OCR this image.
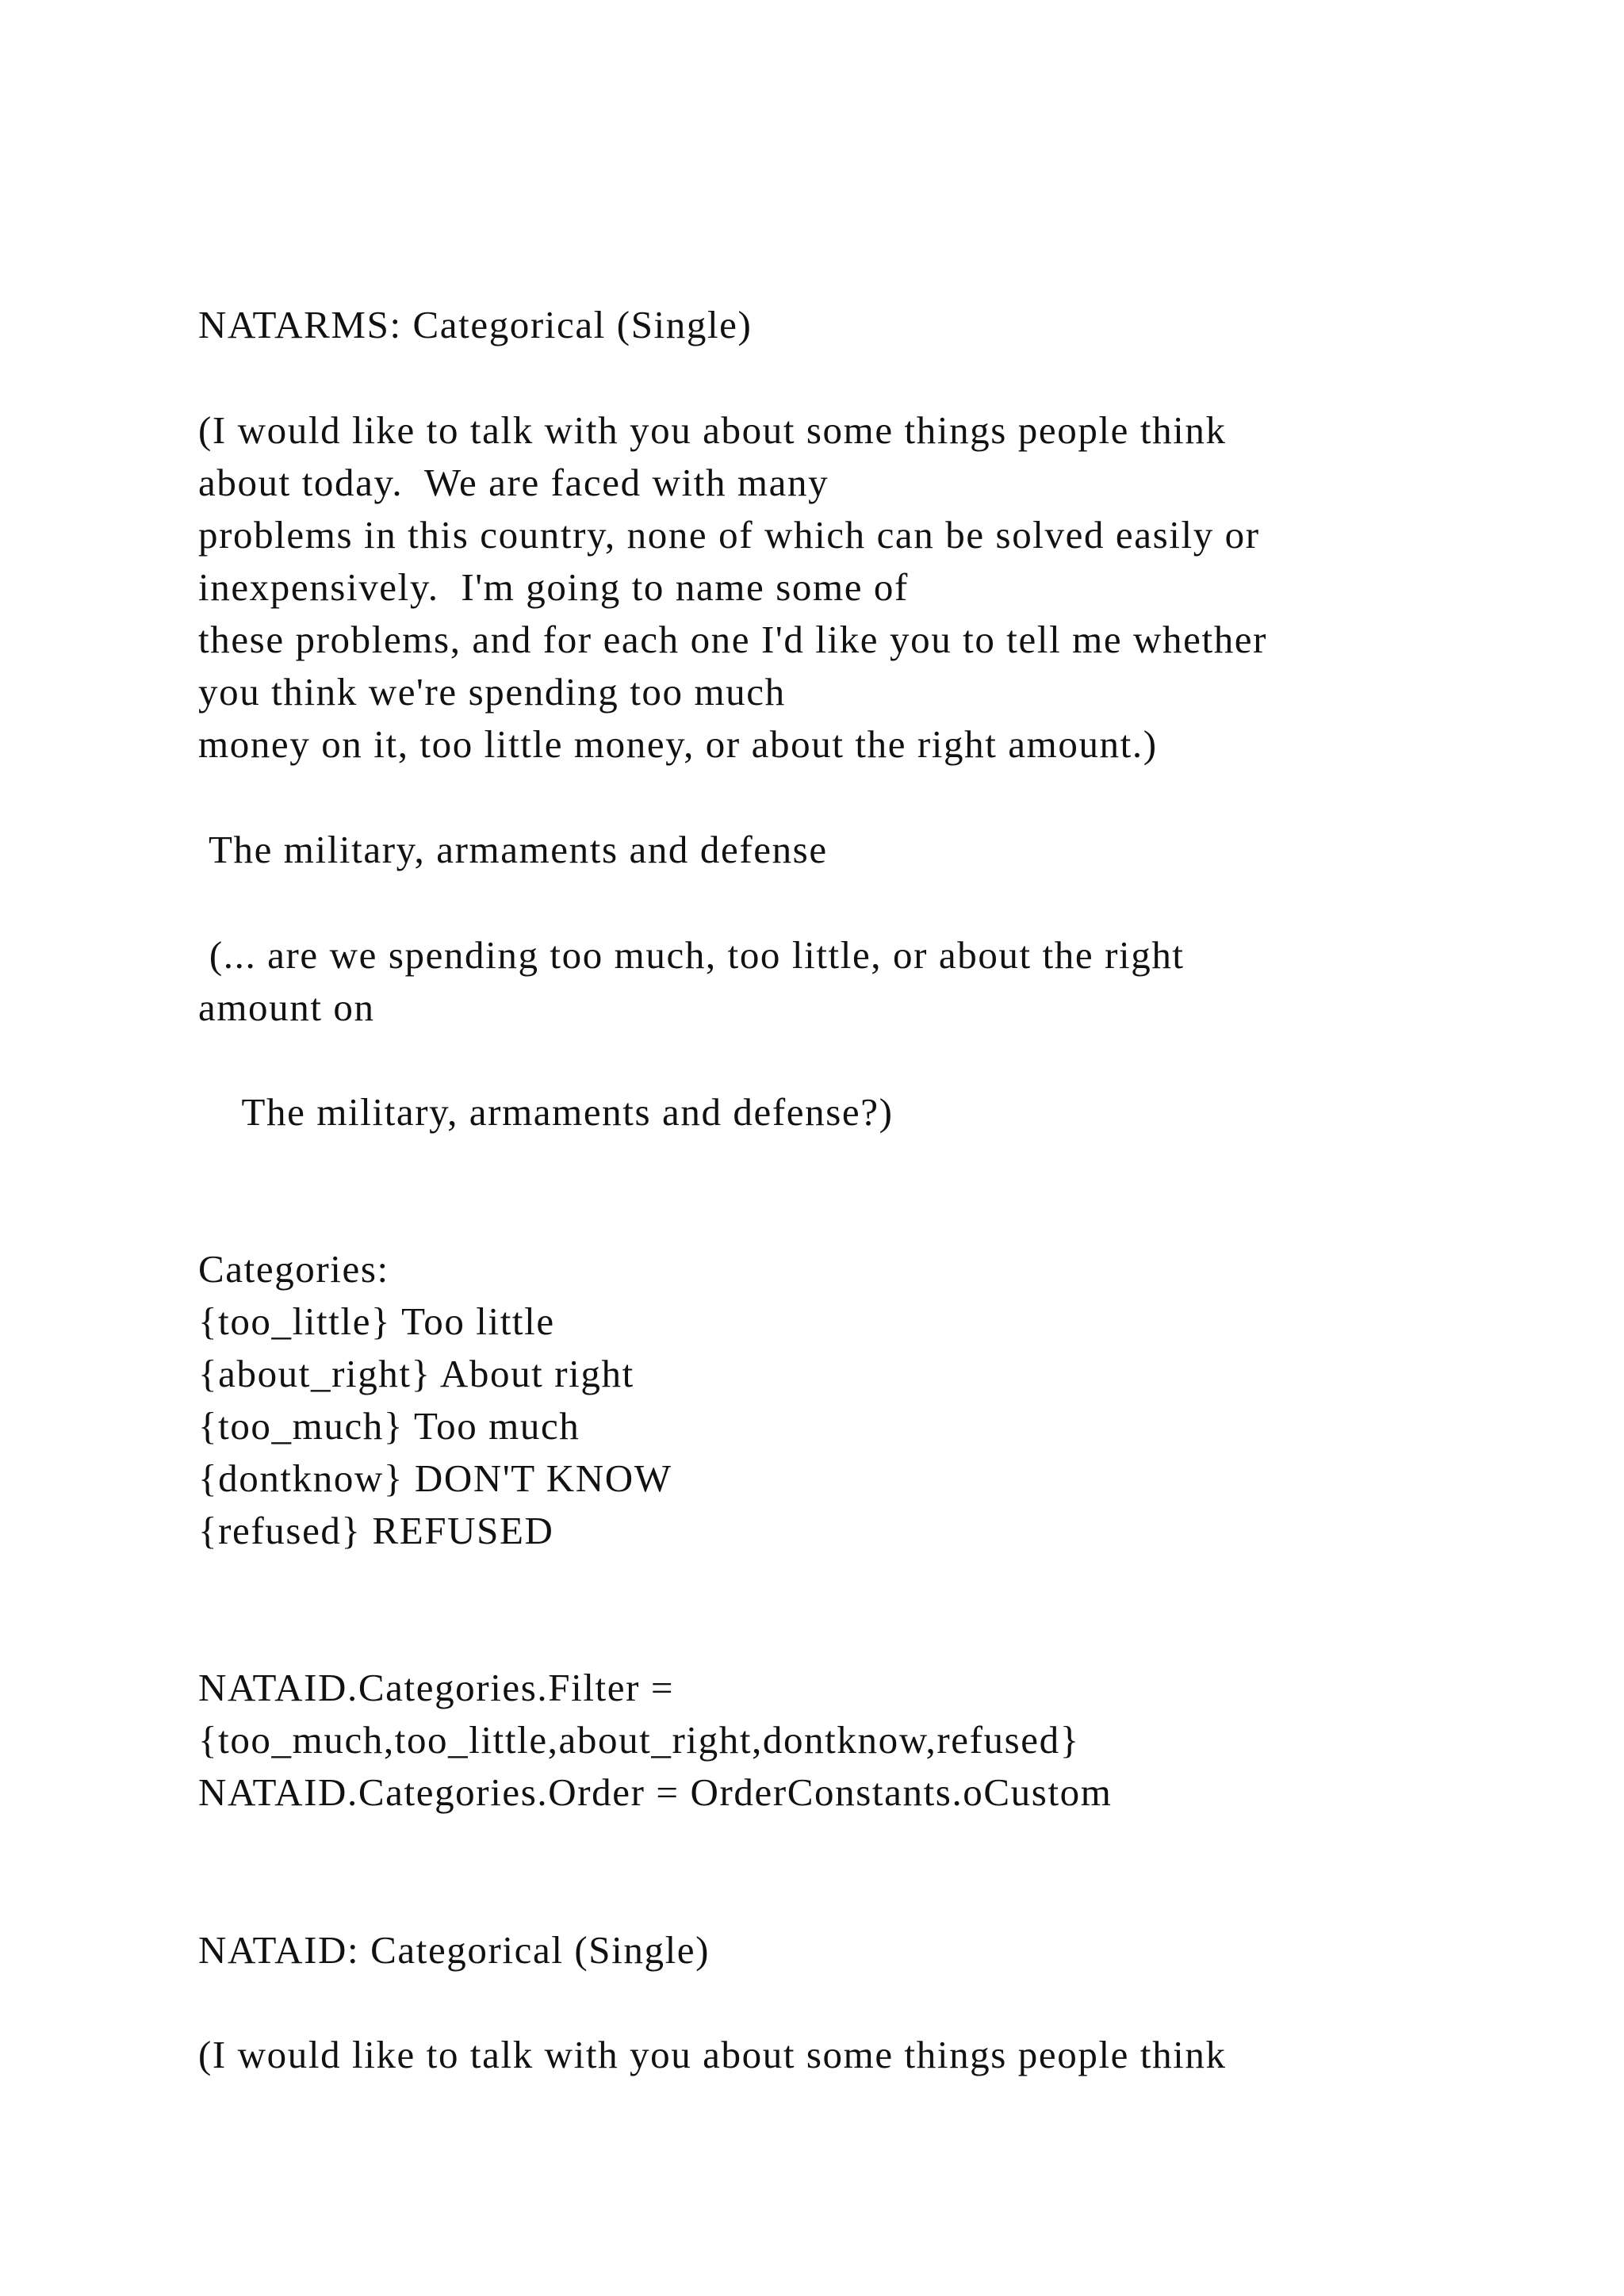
NATARMS: Categorical (Single)

(I would like to talk with you about some things people think

about today.  We are faced with many

problems in this country, none of which can be solved easily or

inexpensively.  I'm going to name some of

these problems, and for each one I'd like you to tell me whether

you think we're spending too much

money on it, too little money, or about the right amount.)

The military, armaments and defense

(... are we spending too much, too little, or about the right

amount on

The military, armaments and defense?)

Categories:

{too_little} Too little

{about_right} About right

{too_much} Too much

{dontknow} DON'T KNOW

{refused} REFUSED

NATAID.Categories.Filter =

{too_much,too_little,about_right,dontknow,refused}

NATAID.Categories.Order = OrderConstants.oCustom

NATAID: Categorical (Single)

(I would like to talk with you about some things people think
